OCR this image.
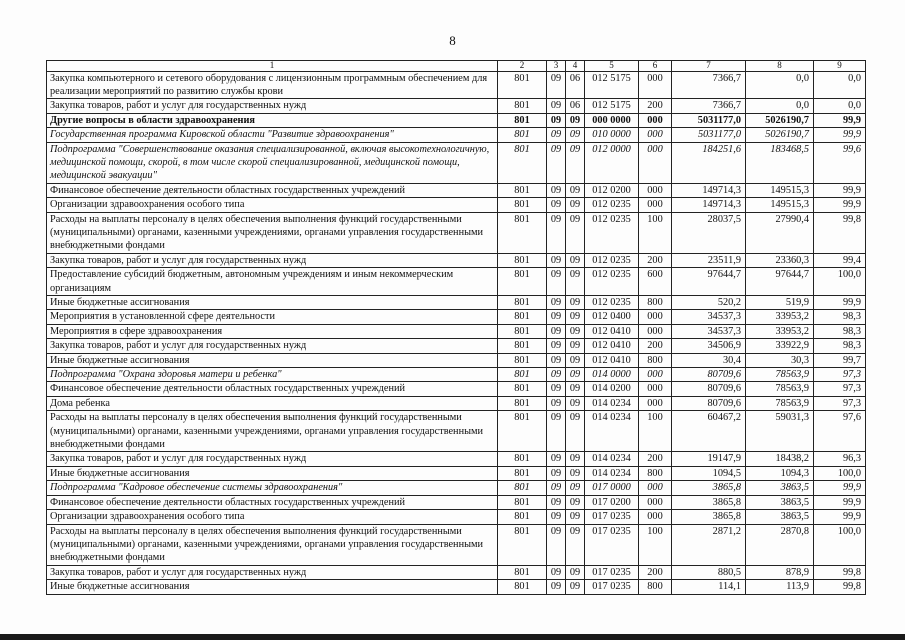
8
1	2	3	4	5	6	7	8	9
Закупка компьютерного и сетевого оборудования с лицензионным программным обеспечением для реализации мероприятий по развитию службы крови	801	09	06	012 5175	000	7366,7	0,0	0,0
Закупка товаров, работ и услуг для государственных нужд	801	09	06	012 5175	200	7366,7	0,0	0,0
Другие вопросы в области здравоохранения	801	09	09	000 0000	000	5031177,0	5026190,7	99,9
Государственная программа Кировской области "Развитие здравоохранения"	801	09	09	010 0000	000	5031177,0	5026190,7	99,9
Подпрограмма "Совершенствование оказания специализированной, включая высокотехнологичную, медицинской помощи, скорой, в том числе скорой специализированной, медицинской помощи, медицинской эвакуации"	801	09	09	012 0000	000	184251,6	183468,5	99,6
Финансовое обеспечение деятельности областных государственных учреждений	801	09	09	012 0200	000	149714,3	149515,3	99,9
Организации здравоохранения особого типа	801	09	09	012 0235	000	149714,3	149515,3	99,9
Расходы на выплаты персоналу в целях обеспечения выполнения функций государственными (муниципальными) органами, казенными учреждениями, органами управления государственными внебюджетными фондами	801	09	09	012 0235	100	28037,5	27990,4	99,8
Закупка товаров, работ и услуг для государственных нужд	801	09	09	012 0235	200	23511,9	23360,3	99,4
Предоставление субсидий бюджетным, автономным учреждениям и иным некоммерческим организациям	801	09	09	012 0235	600	97644,7	97644,7	100,0
Иные бюджетные ассигнования	801	09	09	012 0235	800	520,2	519,9	99,9
Мероприятия в установленной сфере деятельности	801	09	09	012 0400	000	34537,3	33953,2	98,3
Мероприятия в сфере здравоохранения	801	09	09	012 0410	000	34537,3	33953,2	98,3
Закупка товаров, работ и услуг для государственных нужд	801	09	09	012 0410	200	34506,9	33922,9	98,3
Иные бюджетные ассигнования	801	09	09	012 0410	800	30,4	30,3	99,7
Подпрограмма "Охрана здоровья матери и ребенка"	801	09	09	014 0000	000	80709,6	78563,9	97,3
Финансовое обеспечение деятельности областных государственных учреждений	801	09	09	014 0200	000	80709,6	78563,9	97,3
Дома ребенка	801	09	09	014 0234	000	80709,6	78563,9	97,3
Расходы на выплаты персоналу в целях обеспечения выполнения функций государственными (муниципальными) органами, казенными учреждениями, органами управления государственными внебюджетными фондами	801	09	09	014 0234	100	60467,2	59031,3	97,6
Закупка товаров, работ и услуг для государственных нужд	801	09	09	014 0234	200	19147,9	18438,2	96,3
Иные бюджетные ассигнования	801	09	09	014 0234	800	1094,5	1094,3	100,0
Подпрограмма "Кадровое обеспечение системы здравоохранения"	801	09	09	017 0000	000	3865,8	3863,5	99,9
Финансовое обеспечение деятельности областных государственных учреждений	801	09	09	017 0200	000	3865,8	3863,5	99,9
Организации здравоохранения особого типа	801	09	09	017 0235	000	3865,8	3863,5	99,9
Расходы на выплаты персоналу в целях обеспечения выполнения функций государственными (муниципальными) органами, казенными учреждениями, органами управления государственными внебюджетными фондами	801	09	09	017 0235	100	2871,2	2870,8	100,0
Закупка товаров, работ и услуг для государственных нужд	801	09	09	017 0235	200	880,5	878,9	99,8
Иные бюджетные ассигнования	801	09	09	017 0235	800	114,1	113,9	99,8
